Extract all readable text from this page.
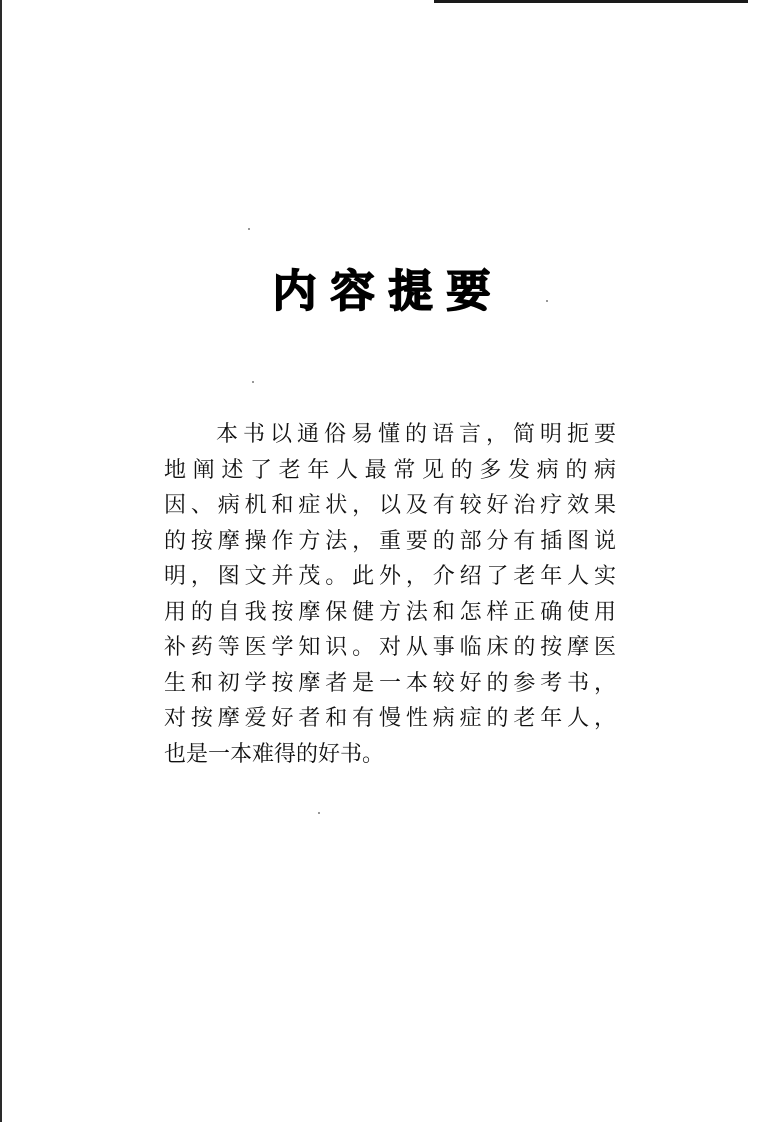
内容提要
本书以通俗易懂的语言，简明扼要
地阐述了老年人最常见的多发病的病
因、病机和症状，以及有较好治疗效果
的按摩操作方法，重要的部分有插图说
明，图文并茂。此外，介绍了老年人实
用的自我按摩保健方法和怎样正确使用
补药等医学知识。对从事临床的按摩医
生和初学按摩者是一本较好的参考书，
对按摩爱好者和有慢性病症的老年人，
也是一本难得的好书。
